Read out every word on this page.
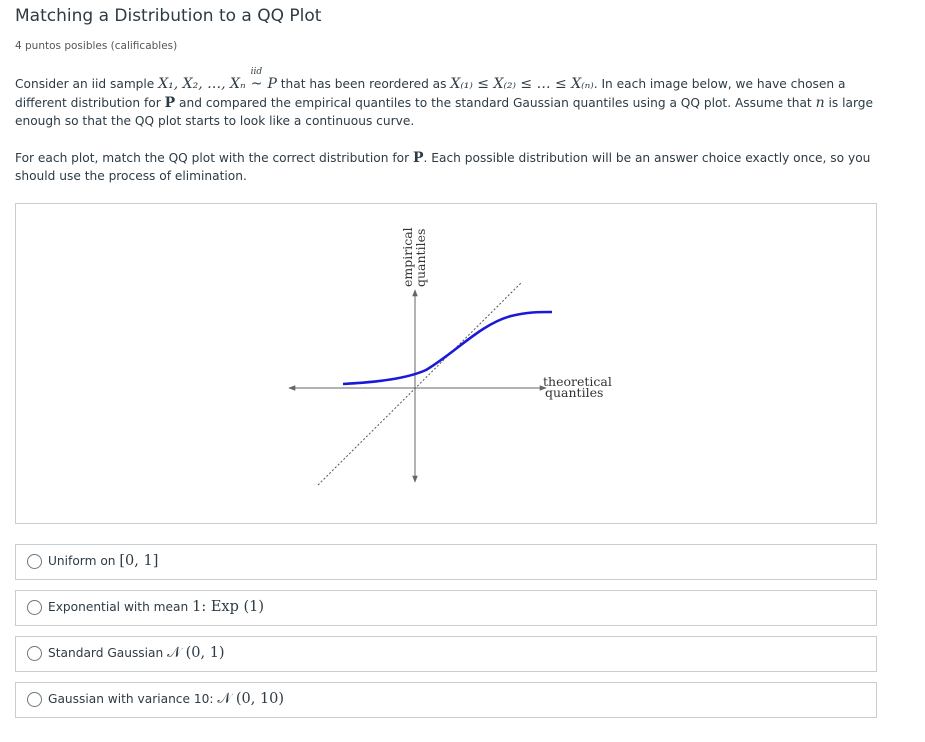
Matching a Distribution to a QQ Plot
4 puntos posibles (calificables)
Consider an iid sample X₁, X₂, …, Xₙ
iid
~ P that has been reordered as X₍₁₎ ≤ X₍₂₎ ≤ … ≤ X₍ₙ₎. In each image below, we have chosen a different distribution for P and compared the empirical quantiles to the standard Gaussian quantiles using a QQ plot. Assume that n is large enough so that the QQ plot starts to look like a continuous curve.
For each plot, match the QQ plot with the correct distribution for P. Each possible distribution will be an answer choice exactly once, so you should use the process of elimination.
empirical
quantiles
theoretical
quantiles
Uniform on [0, 1]
Exponential with mean 1: Exp (1)
Standard Gaussian 𝒩 (0, 1)
Gaussian with variance 10: 𝒩 (0, 10)
